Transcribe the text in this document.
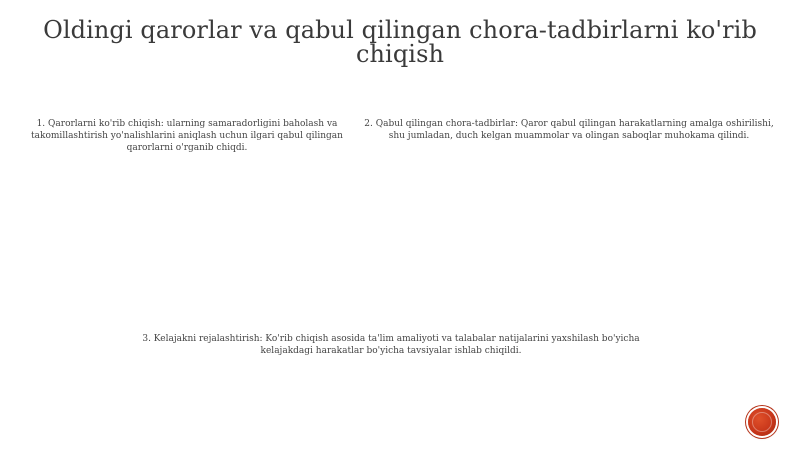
Oldingi qarorlar va qabul qilingan chora-tadbirlarni ko'rib chiqish
1. Qarorlarni ko'rib chiqish: ularning samaradorligini baholash va takomillashtirish yo'nalishlarini aniqlash uchun ilgari qabul qilingan qarorlarni o'rganib chiqdi.
2. Qabul qilingan chora-tadbirlar: Qaror qabul qilingan harakatlarning amalga oshirilishi, shu jumladan, duch kelgan muammolar va olingan saboqlar muhokama qilindi.
3. Kelajakni rejalashtirish: Ko'rib chiqish asosida ta'lim amaliyoti va talabalar natijalarini yaxshilash bo'yicha kelajakdagi harakatlar bo'yicha tavsiyalar ishlab chiqildi.
